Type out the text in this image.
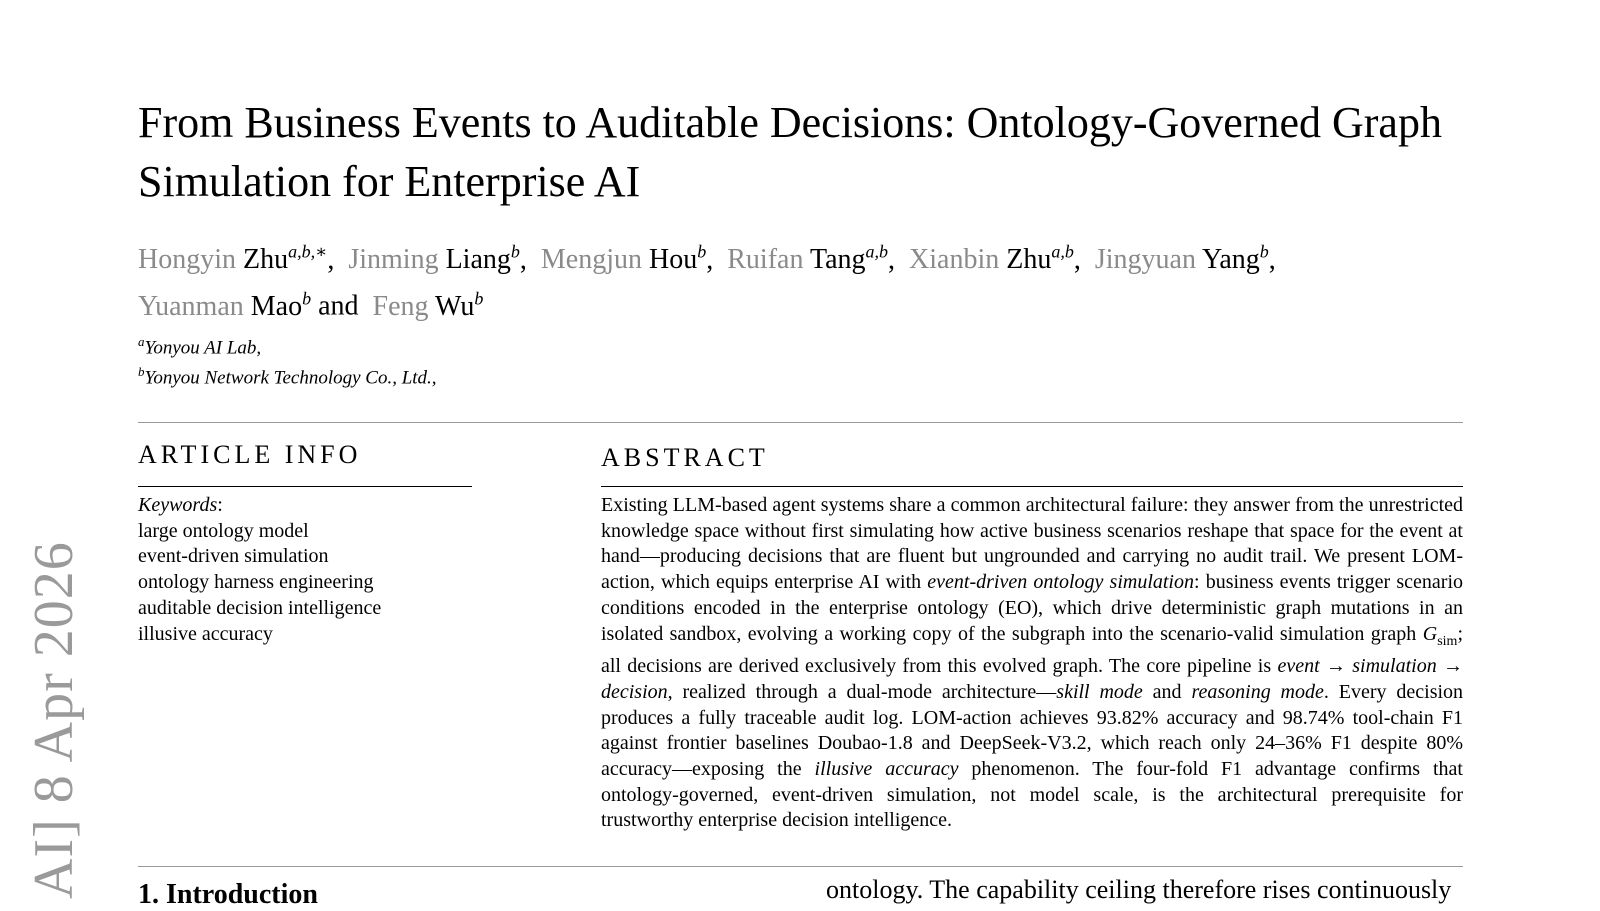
From Business Events to Auditable Decisions: Ontology-Governed Graph Simulation for Enterprise AI
Hongyin Zhu$^{a,b,∗}$,  Jinming Liang$^b$,  Mengjun Hou$^b$,  Ruifan Tang$^{a,b}$,  Xianbin Zhu$^{a,b}$,  Jingyuan Yang$^b$,
Yuanman Mao$^b$ and Feng Wu$^b$
$^a$Yonyou AI Lab,
$^b$Yonyou Network Technology Co., Ltd.,
ARTICLE INFO	ABSTRACT
Keywords:
large ontology model
event-driven simulation
ontology harness engineering
auditable decision intelligence
illusive accuracy
Existing LLM-based agent systems share a common architectural failure: they answer from the unrestricted knowledge space without first simulating how active business scenarios reshape that space for the event at hand—producing decisions that are fluent but ungrounded and carrying no audit trail. We present LOM-action, which equips enterprise AI with event-driven ontology simulation: business events trigger scenario conditions encoded in the enterprise ontology (EO), which drive deterministic graph mutations in an isolated sandbox, evolving a working copy of the subgraph into the scenario-valid simulation graph $G_{sim}$; all decisions are derived exclusively from this evolved graph. The core pipeline is event → simulation → decision, realized through a dual-mode architecture—skill mode and reasoning mode. Every decision produces a fully traceable audit log. LOM-action achieves 93.82% accuracy and 98.74% tool-chain F1 against frontier baselines Doubao-1.8 and DeepSeek-V3.2, which reach only 24–36% F1 despite 80% accuracy—exposing the illusive accuracy phenomenon. The four-fold F1 advantage confirms that ontology-governed, event-driven simulation, not model scale, is the architectural prerequisite for trustworthy enterprise decision intelligence.
AI] 8 Apr 2026 1. Introduction	ontology. The capability ceiling therefore rises continuously
